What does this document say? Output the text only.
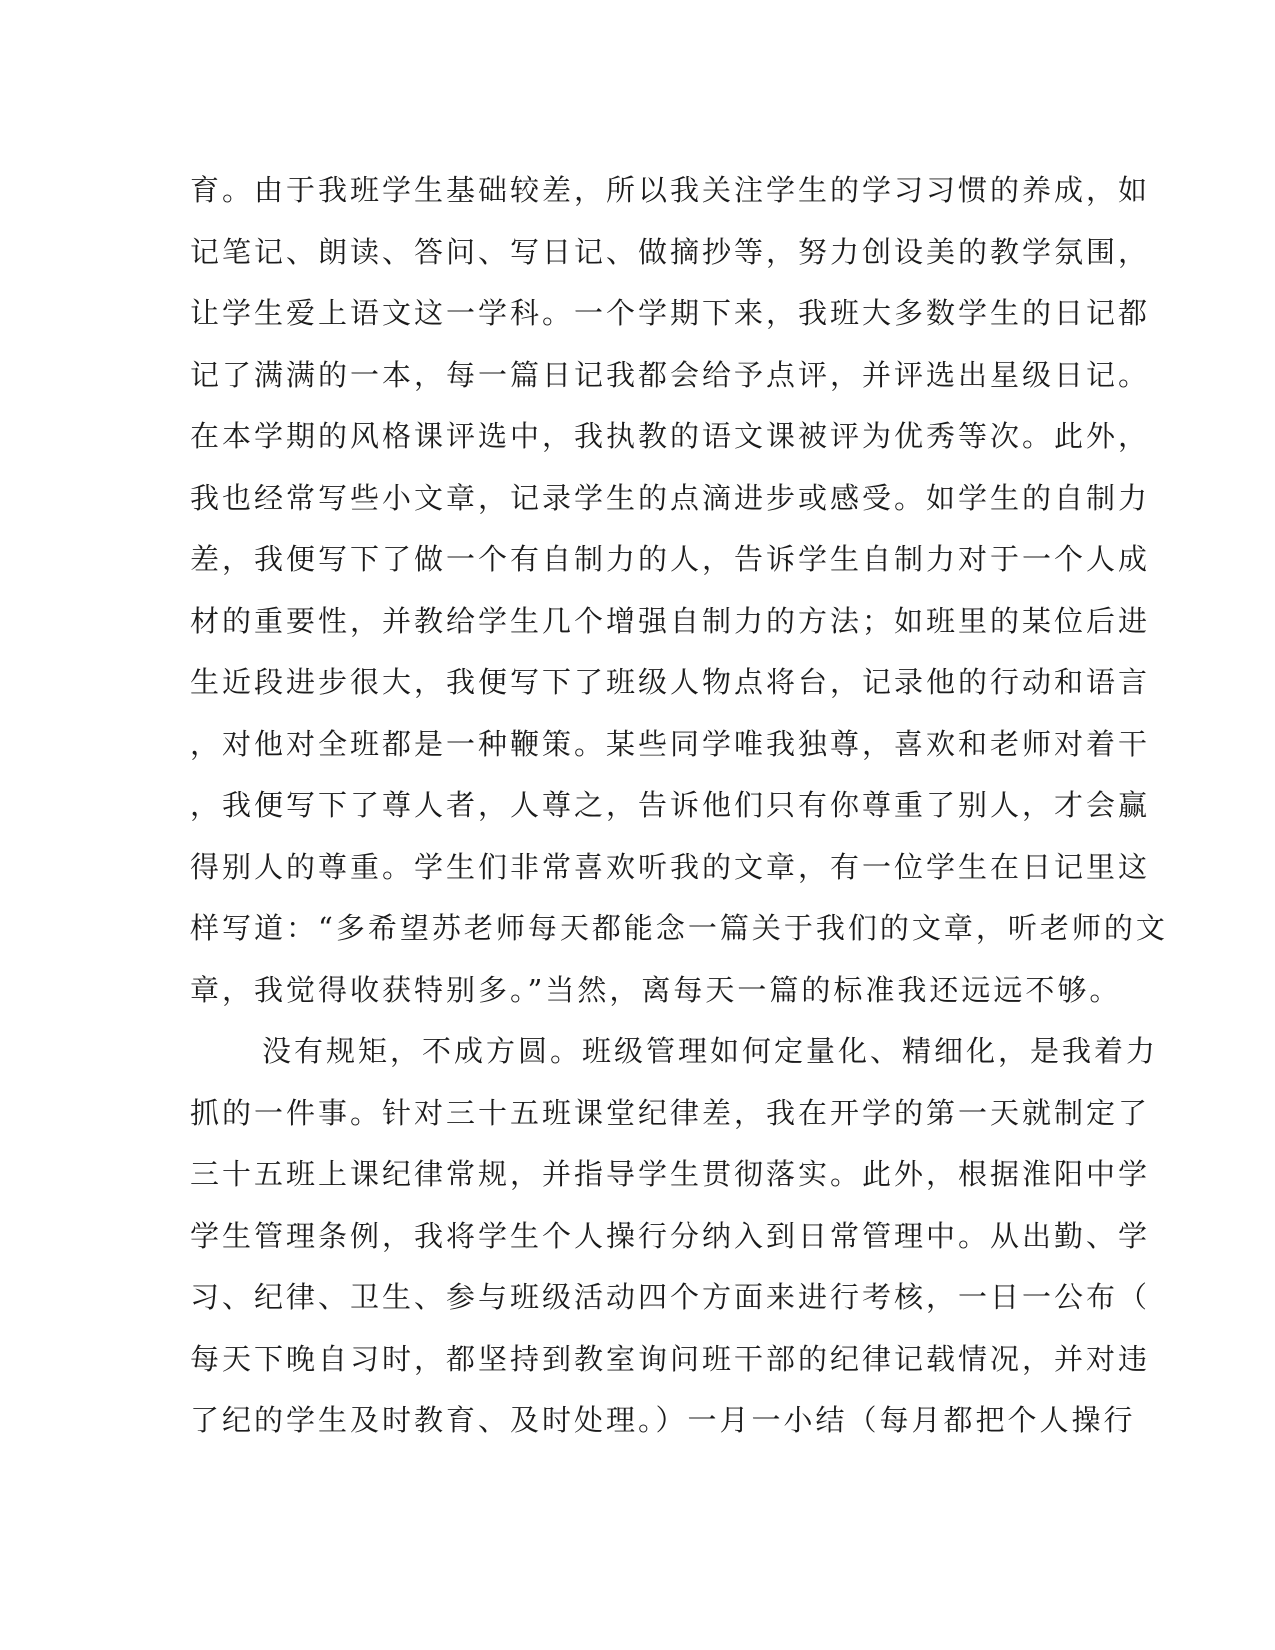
育。由于我班学生基础较差，所以我关注学生的学习习惯的养成，如
记笔记、朗读、答问、写日记、做摘抄等，努力创设美的教学氛围，
让学生爱上语文这一学科。一个学期下来，我班大多数学生的日记都
记了满满的一本，每一篇日记我都会给予点评，并评选出星级日记。
在本学期的风格课评选中，我执教的语文课被评为优秀等次。此外，
我也经常写些小文章，记录学生的点滴进步或感受。如学生的自制力
差，我便写下了做一个有自制力的人，告诉学生自制力对于一个人成
材的重要性，并教给学生几个增强自制力的方法；如班里的某位后进
生近段进步很大，我便写下了班级人物点将台，记录他的行动和语言
，对他对全班都是一种鞭策。某些同学唯我独尊，喜欢和老师对着干
，我便写下了尊人者，人尊之，告诉他们只有你尊重了别人，才会赢
得别人的尊重。学生们非常喜欢听我的文章，有一位学生在日记里这
样写道：“多希望苏老师每天都能念一篇关于我们的文章，听老师的文
章，我觉得收获特别多。”当然，离每天一篇的标准我还远远不够。
没有规矩，不成方圆。班级管理如何定量化、精细化，是我着力
抓的一件事。针对三十五班课堂纪律差，我在开学的第一天就制定了
三十五班上课纪律常规，并指导学生贯彻落实。此外，根据淮阳中学
学生管理条例，我将学生个人操行分纳入到日常管理中。从出勤、学
习、纪律、卫生、参与班级活动四个方面来进行考核，一日一公布（
每天下晚自习时，都坚持到教室询问班干部的纪律记载情况，并对违
了纪的学生及时教育、及时处理。）一月一小结（每月都把个人操行
